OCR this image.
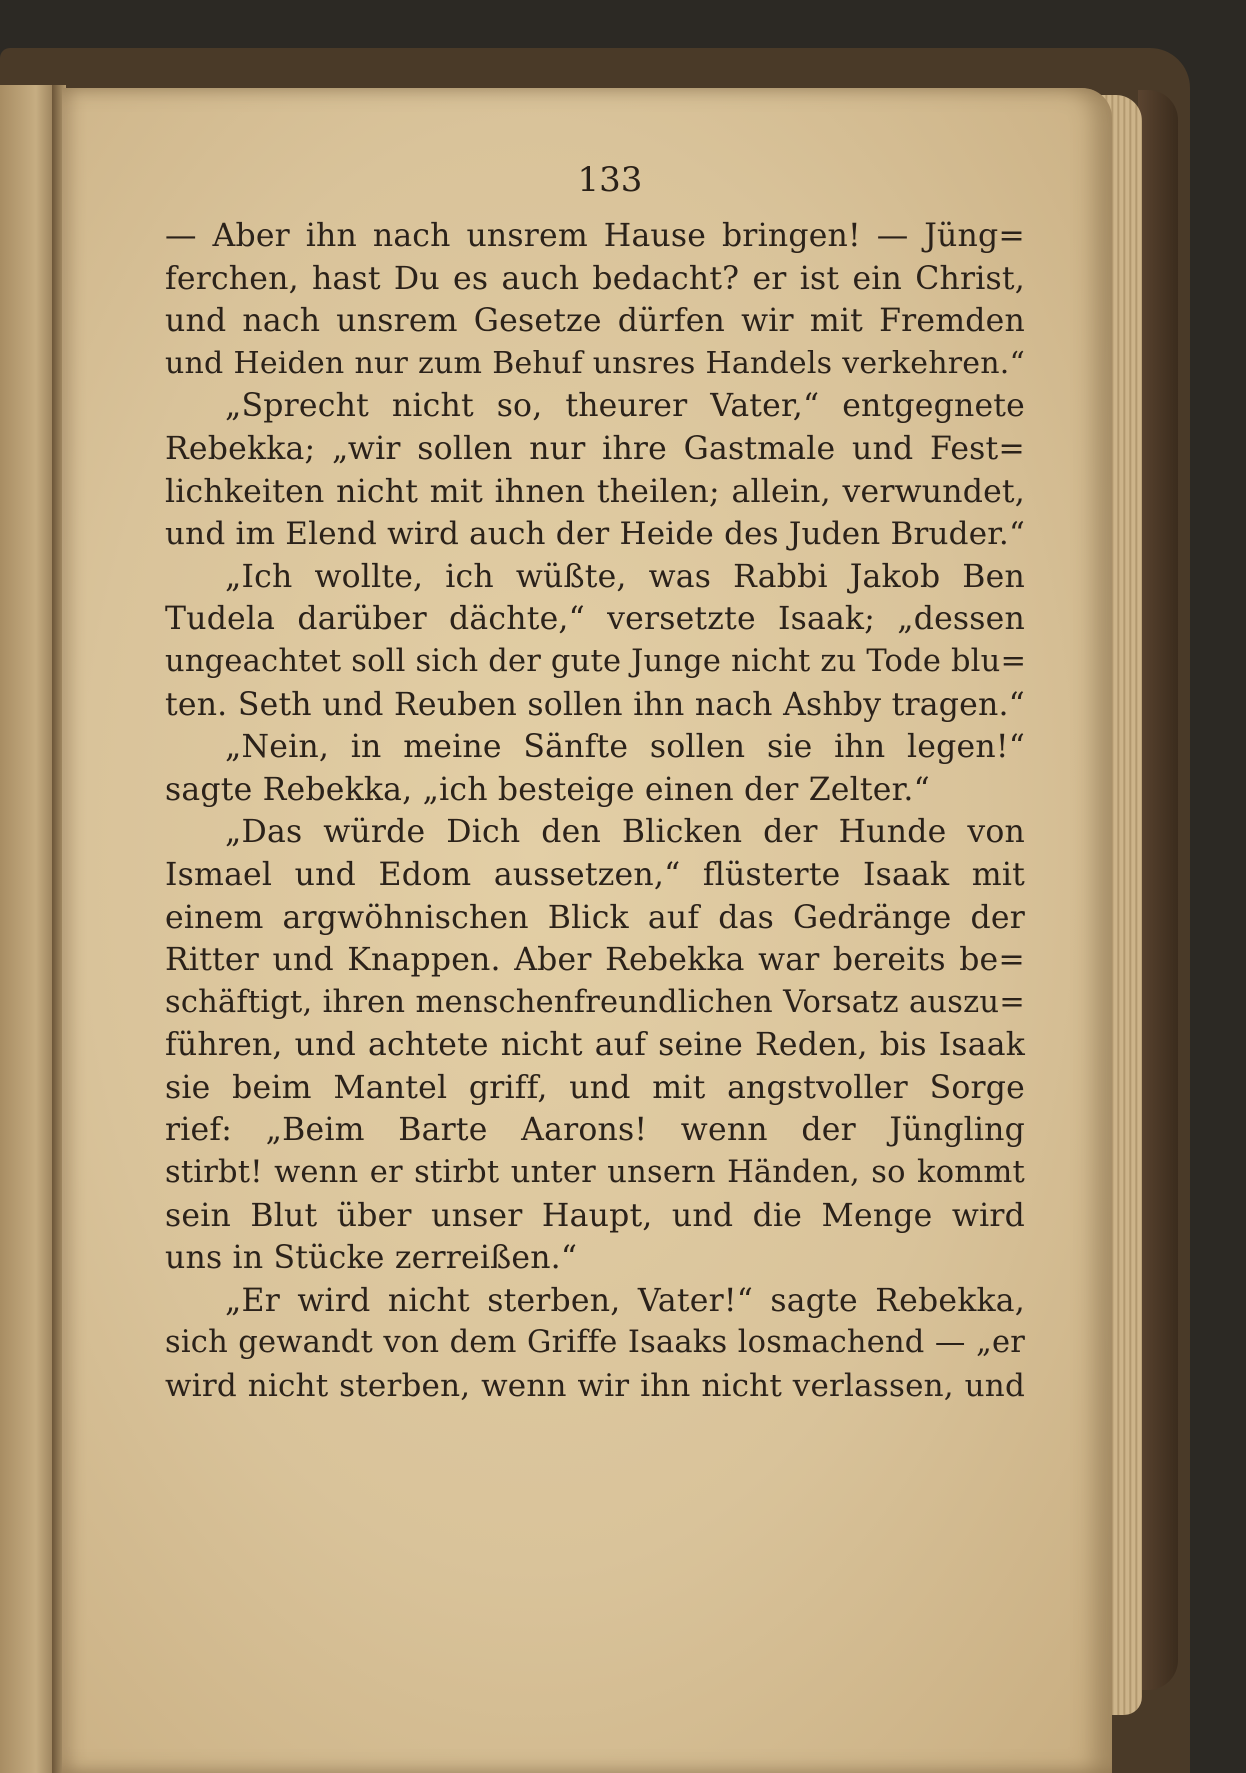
133
— Aber ihn nach unsrem Hause bringen! — Jüng=
ferchen, hast Du es auch bedacht? er ist ein Christ,
und nach unsrem Gesetze dürfen wir mit Fremden
und Heiden nur zum Behuf unsres Handels verkehren.“
„Sprecht nicht so, theurer Vater,“ entgegnete
Rebekka; „wir sollen nur ihre Gastmale und Fest=
lichkeiten nicht mit ihnen theilen; allein, verwundet,
und im Elend wird auch der Heide des Juden Bruder.“
„Ich wollte, ich wüßte, was Rabbi Jakob Ben
Tudela darüber dächte,“ versetzte Isaak; „dessen
ungeachtet soll sich der gute Junge nicht zu Tode blu=
ten. Seth und Reuben sollen ihn nach Ashby tragen.“
„Nein, in meine Sänfte sollen sie ihn legen!“
sagte Rebekka, „ich besteige einen der Zelter.“
„Das würde Dich den Blicken der Hunde von
Ismael und Edom aussetzen,“ flüsterte Isaak mit
einem argwöhnischen Blick auf das Gedränge der
Ritter und Knappen. Aber Rebekka war bereits be=
schäftigt, ihren menschenfreundlichen Vorsatz auszu=
führen, und achtete nicht auf seine Reden, bis Isaak
sie beim Mantel griff, und mit angstvoller Sorge
rief: „Beim Barte Aarons! wenn der Jüngling
stirbt! wenn er stirbt unter unsern Händen, so kommt
sein Blut über unser Haupt, und die Menge wird
uns in Stücke zerreißen.“
„Er wird nicht sterben, Vater!“ sagte Rebekka,
sich gewandt von dem Griffe Isaaks losmachend — „er
wird nicht sterben, wenn wir ihn nicht verlassen, und
